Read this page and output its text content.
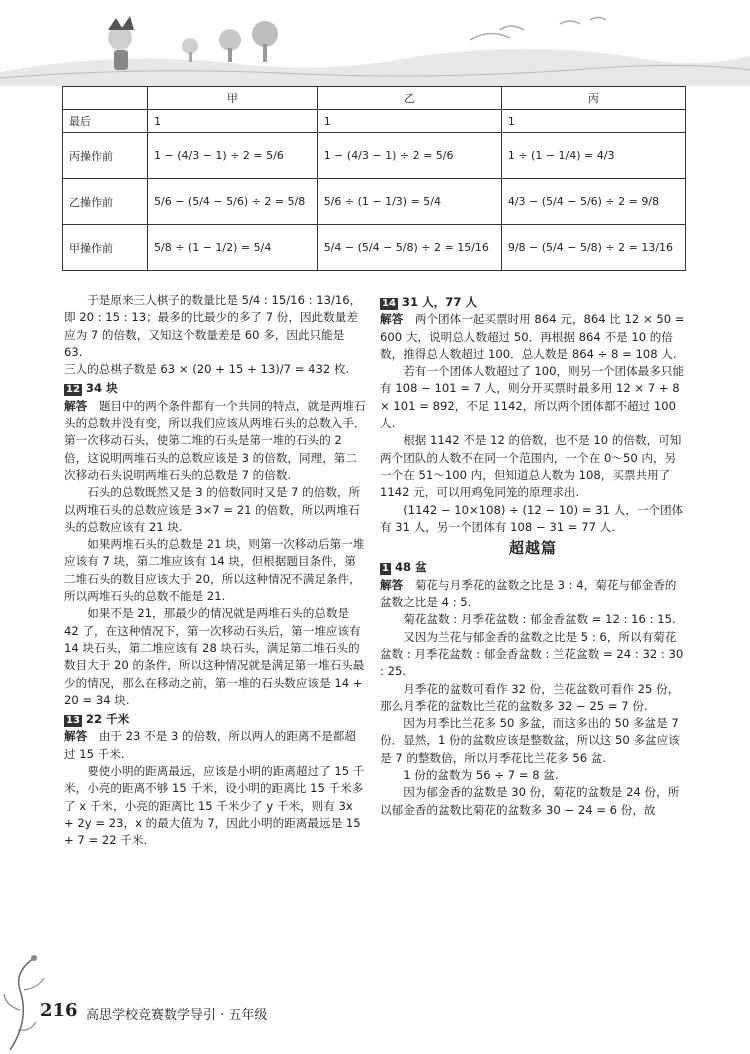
	甲	乙	丙
最后	1	1	1
丙操作前	1 − (4/3 − 1) ÷ 2 = 5/6	1 − (4/3 − 1) ÷ 2 = 5/6	1 ÷ (1 − 1/4) = 4/3
乙操作前	5/6 − (5/4 − 5/6) ÷ 2 = 5/8	5/6 ÷ (1 − 1/3) = 5/4	4/3 − (5/4 − 5/6) ÷ 2 = 9/8
甲操作前	5/8 ÷ (1 − 1/2) = 5/4	5/4 − (5/4 − 5/8) ÷ 2 = 15/16	9/8 − (5/4 − 5/8) ÷ 2 = 13/16

于是原来三人棋子的数量比是 5/4 : 15/16 : 13/16，即 20 : 15 : 13；最多的比最少的多了 7 份，因此数量差应为 7 的倍数，又知这个数量差是 60 多，因此只能是 63.

三人的总棋子数是 63 × (20 + 15 + 13)/7 = 432 枚.

12 34 块

解答　 题目中的两个条件都有一个共同的特点，就是两堆石头的总数并没有变，所以我们应该从两堆石头的总数入手．第一次移动石头，使第二堆的石头是第一堆的石头的 2 倍，这说明两堆石头的总数应该是 3 的倍数，同理，第二次移动石头说明两堆石头的总数是 7 的倍数.

石头的总数既然又是 3 的倍数同时又是 7 的倍数，所以两堆石头的总数应该是 3×7 = 21 的倍数，所以两堆石头的总数应该有 21 块.

如果两堆石头的总数是 21 块，则第一次移动后第一堆应该有 7 块，第二堆应该有 14 块，但根据题目条件，第二堆石头的数目应该大于 20，所以这种情况不满足条件，所以两堆石头的总数不能是 21.

如果不是 21，那最少的情况就是两堆石头的总数是 42 了，在这种情况下，第一次移动石头后，第一堆应该有 14 块石头，第二堆应该有 28 块石头，满足第二堆石头的数目大于 20 的条件，所以这种情况就是满足第一堆石头最少的情况，那么在移动之前，第一堆的石头数应该是 14 + 20 = 34 块.

13 22 千米

解答　 由于 23 不是 3 的倍数，所以两人的距离不是都超过 15 千米.

要使小明的距离最远，应该是小明的距离超过了 15 千米，小亮的距离不够 15 千米，设小明的距离比 15 千米多了 x 千米，小亮的距离比 15 千米少了 y 千米，则有 3x + 2y = 23，x 的最大值为 7，因此小明的距离最远是 15 + 7 = 22 千米.

14 31 人，77 人

解答　 两个团体一起买票时用 864 元，864 比 12 × 50 = 600 大，说明总人数超过 50．再根据 864 不是 10 的倍数，推得总人数超过 100．总人数是 864 ÷ 8 = 108 人.

若有一个团体人数超过了 100，则另一个团体最多只能有 108 − 101 = 7 人，则分开买票时最多用 12 × 7 + 8 × 101 = 892，不足 1142，所以两个团体都不超过 100 人.

根据 1142 不是 12 的倍数，也不是 10 的倍数，可知两个团队的人数不在同一个范围内，一个在 0～50 内，另一个在 51～100 内，但知道总人数为 108，买票共用了 1142 元，可以用鸡兔同笼的原理求出.

(1142 − 10×108) ÷ (12 − 10) = 31 人，一个团体有 31 人，另一个团体有 108 − 31 = 77 人.

超越篇

1 48 盆

解答　 菊花与月季花的盆数之比是 3 : 4，菊花与郁金香的盆数之比是 4 : 5.

菊花盆数 : 月季花盆数 : 郁金香盆数 = 12 : 16 : 15.

又因为兰花与郁金香的盆数之比是 5 : 6，所以有菊花盆数 : 月季花盆数 : 郁金香盆数 : 兰花盆数 = 24 : 32 : 30 : 25.

月季花的盆数可看作 32 份，兰花盆数可看作 25 份，那么月季花的盆数比兰花的盆数多 32 − 25 = 7 份.

因为月季比兰花多 50 多盆，而这多出的 50 多盆是 7 份．显然，1 份的盆数应该是整数盆，所以这 50 多盆应该是 7 的整数倍，所以月季花比兰花多 56 盆.

1 份的盆数为 56 ÷ 7 = 8 盆.

因为郁金香的盆数是 30 份，菊花的盆数是 24 份，所以郁金香的盆数比菊花的盆数多 30 − 24 = 6 份，故

216 高思学校竞赛数学导引 · 五年级
